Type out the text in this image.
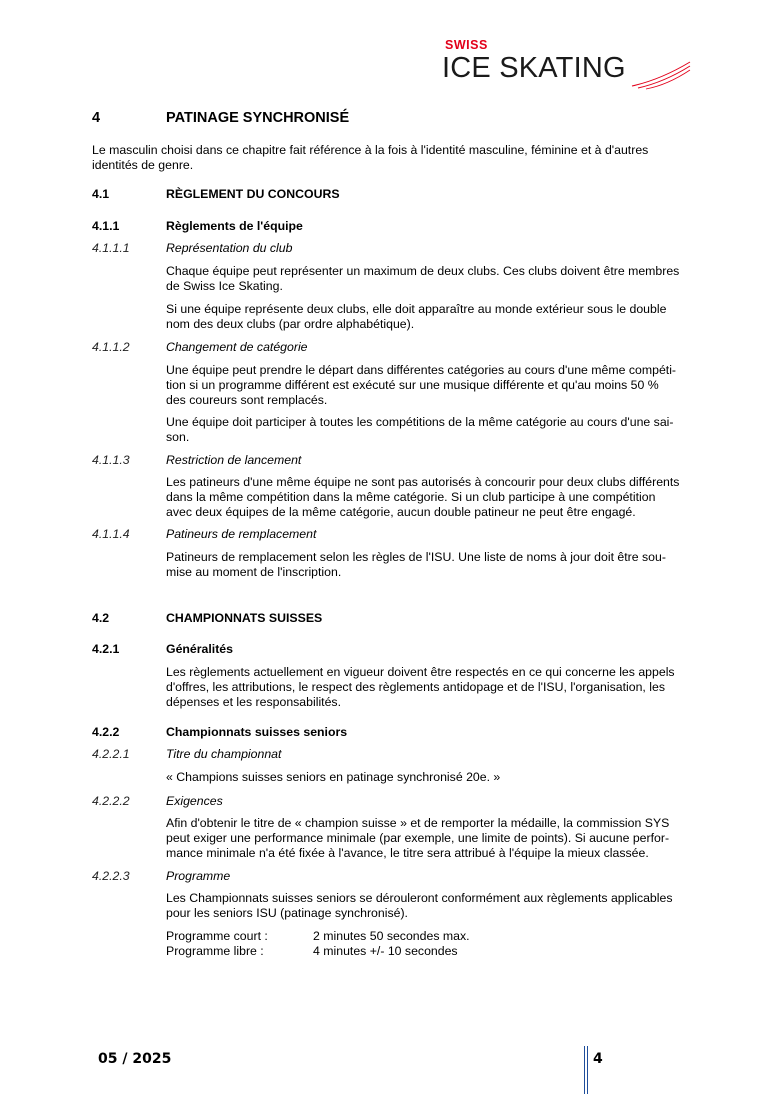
SWISS
ICE SKATING
4	PATINAGE SYNCHRONISÉ
Le masculin choisi dans ce chapitre fait référence à la fois à l'identité masculine, féminine et à d'autres
identités de genre.
4.1	RÈGLEMENT DU CONCOURS
4.1.1	Règlements de l'équipe
4.1.1.1	Représentation du club
Chaque équipe peut représenter un maximum de deux clubs. Ces clubs doivent être membres
de Swiss Ice Skating.
Si une équipe représente deux clubs, elle doit apparaître au monde extérieur sous le double
nom des deux clubs (par ordre alphabétique).
4.1.1.2	Changement de catégorie
Une équipe peut prendre le départ dans différentes catégories au cours d'une même compéti-
tion si un programme différent est exécuté sur une musique différente et qu'au moins 50 %
des coureurs sont remplacés.
Une équipe doit participer à toutes les compétitions de la même catégorie au cours d'une sai-
son.
4.1.1.3	Restriction de lancement
Les patineurs d'une même équipe ne sont pas autorisés à concourir pour deux clubs différents
dans la même compétition dans la même catégorie. Si un club participe à une compétition
avec deux équipes de la même catégorie, aucun double patineur ne peut être engagé.
4.1.1.4	Patineurs de remplacement
Patineurs de remplacement selon les règles de l'ISU. Une liste de noms à jour doit être sou-
mise au moment de l'inscription.
4.2	CHAMPIONNATS SUISSES
4.2.1	Généralités
Les règlements actuellement en vigueur doivent être respectés en ce qui concerne les appels
d'offres, les attributions, le respect des règlements antidopage et de l'ISU, l'organisation, les
dépenses et les responsabilités.
4.2.2	Championnats suisses seniors
4.2.2.1	Titre du championnat
« Champions suisses seniors en patinage synchronisé 20e. »
4.2.2.2	Exigences
Afin d'obtenir le titre de « champion suisse » et de remporter la médaille, la commission SYS
peut exiger une performance minimale (par exemple, une limite de points). Si aucune perfor-
mance minimale n'a été fixée à l'avance, le titre sera attribué à l'équipe la mieux classée.
4.2.2.3	Programme
Les Championnats suisses seniors se dérouleront conformément aux règlements applicables
pour les seniors ISU (patinage synchronisé).
Programme court :	2 minutes 50 secondes max.
Programme libre :	4 minutes +/- 10 secondes
05 / 2025	4
